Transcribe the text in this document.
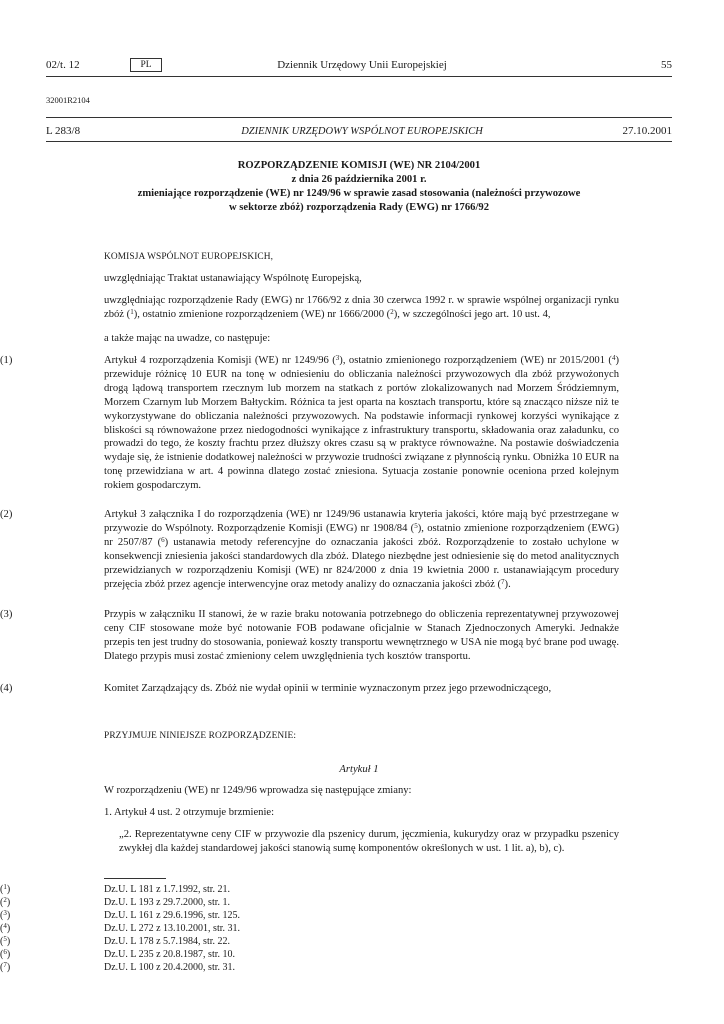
02/t. 12	PL	Dziennik Urzędowy Unii Europejskiej	55
32001R2104
L 283/8	DZIENNIK URZĘDOWY WSPÓLNOT EUROPEJSKICH	27.10.2001
ROZPORZĄDZENIE KOMISJI (WE) NR 2104/2001
z dnia 26 października 2001 r.
zmieniające rozporządzenie (WE) nr 1249/96 w sprawie zasad stosowania (należności przywozowe
w sektorze zbóż) rozporządzenia Rady (EWG) nr 1766/92
KOMISJA WSPÓLNOT EUROPEJSKICH,
uwzględniając Traktat ustanawiający Wspólnotę Europejską,
uwzględniając rozporządzenie Rady (EWG) nr 1766/92 z dnia 30 czerwca 1992 r. w sprawie wspólnej organizacji rynku zbóż ($^1$), ostatnio zmienione rozporządzeniem (WE) nr 1666/2000 ($^2$), w szczególności jego art. 10 ust. 4,
a także mając na uwadze, co następuje:
(1)	Artykuł 4 rozporządzenia Komisji (WE) nr 1249/96 ($^3$), ostatnio zmienionego rozporządzeniem (WE) nr 2015/2001 ($^4$) przewiduje różnicę 10 EUR na tonę w odniesieniu do obliczania należności przywozowych dla zbóż przywożonych drogą lądową transportem rzecznym lub morzem na statkach z portów zlokalizowanych nad Morzem Śródziemnym, Morzem Czarnym lub Morzem Bałtyckim. Różnica ta jest oparta na kosztach transportu, które są znacząco niższe niż te wykorzystywane do obliczania należności przywozowych. Na podstawie informacji rynkowej korzyści wynikające z bliskości są równoważone przez niedogodności wynikające z infrastruktury transportu, składowania oraz załadunku, co prowadzi do tego, że koszty frachtu przez dłuższy okres czasu są w praktyce równoważne. Na postawie doświadczenia wydaje się, że istnienie dodatkowej należności w przywozie trudności związane z płynnością rynku. Obniżka 10 EUR na tonę przewidziana w art. 4 powinna dlatego zostać zniesiona. Sytuacja zostanie ponownie oceniona przed kolejnym rokiem gospodarczym.
(2)	Artykuł 3 załącznika I do rozporządzenia (WE) nr 1249/96 ustanawia kryteria jakości, które mają być przestrzegane w przywozie do Wspólnoty. Rozporządzenie Komisji (EWG) nr 1908/84 ($^5$), ostatnio zmienione rozporządzeniem (EWG) nr 2507/87 ($^6$) ustanawia metody referencyjne do oznaczania jakości zbóż. Rozporządzenie to zostało uchylone w konsekwencji zniesienia jakości standardowych dla zbóż. Dlatego niezbędne jest odniesienie się do metod analitycznych przewidzianych w rozporządzeniu Komisji (WE) nr 824/2000 z dnia 19 kwietnia 2000 r. ustanawiającym procedury przejęcia zbóż przez agencje interwencyjne oraz metody analizy do oznaczania jakości zbóż ($^7$).
(3)	Przypis w załączniku II stanowi, że w razie braku notowania potrzebnego do obliczenia reprezentatywnej przywozowej ceny CIF stosowane może być notowanie FOB podawane oficjalnie w Stanach Zjednoczonych Ameryki. Jednakże przepis ten jest trudny do stosowania, ponieważ koszty transportu wewnętrznego w USA nie mogą być brane pod uwagę. Dlatego przypis musi zostać zmieniony celem uwzględnienia tych kosztów transportu.
(4)	Komitet Zarządzający ds. Zbóż nie wydał opinii w terminie wyznaczonym przez jego przewodniczącego,
PRZYJMUJE NINIEJSZE ROZPORZĄDZENIE:
Artykuł 1
W rozporządzeniu (WE) nr 1249/96 wprowadza się następujące zmiany:
1. Artykuł 4 ust. 2 otrzymuje brzmienie:
„2. Reprezentatywne ceny CIF w przywozie dla pszenicy durum, jęczmienia, kukurydzy oraz w przypadku pszenicy zwykłej dla każdej standardowej jakości stanowią sumę komponentów określonych w ust. 1 lit. a), b), c).
($^1$)	Dz.U. L 181 z 1.7.1992, str. 21.
($^2$)	Dz.U. L 193 z 29.7.2000, str. 1.
($^3$)	Dz.U. L 161 z 29.6.1996, str. 125.
($^4$)	Dz.U. L 272 z 13.10.2001, str. 31.
($^5$)	Dz.U. L 178 z 5.7.1984, str. 22.
($^6$)	Dz.U. L 235 z 20.8.1987, str. 10.
($^7$)	Dz.U. L 100 z 20.4.2000, str. 31.
